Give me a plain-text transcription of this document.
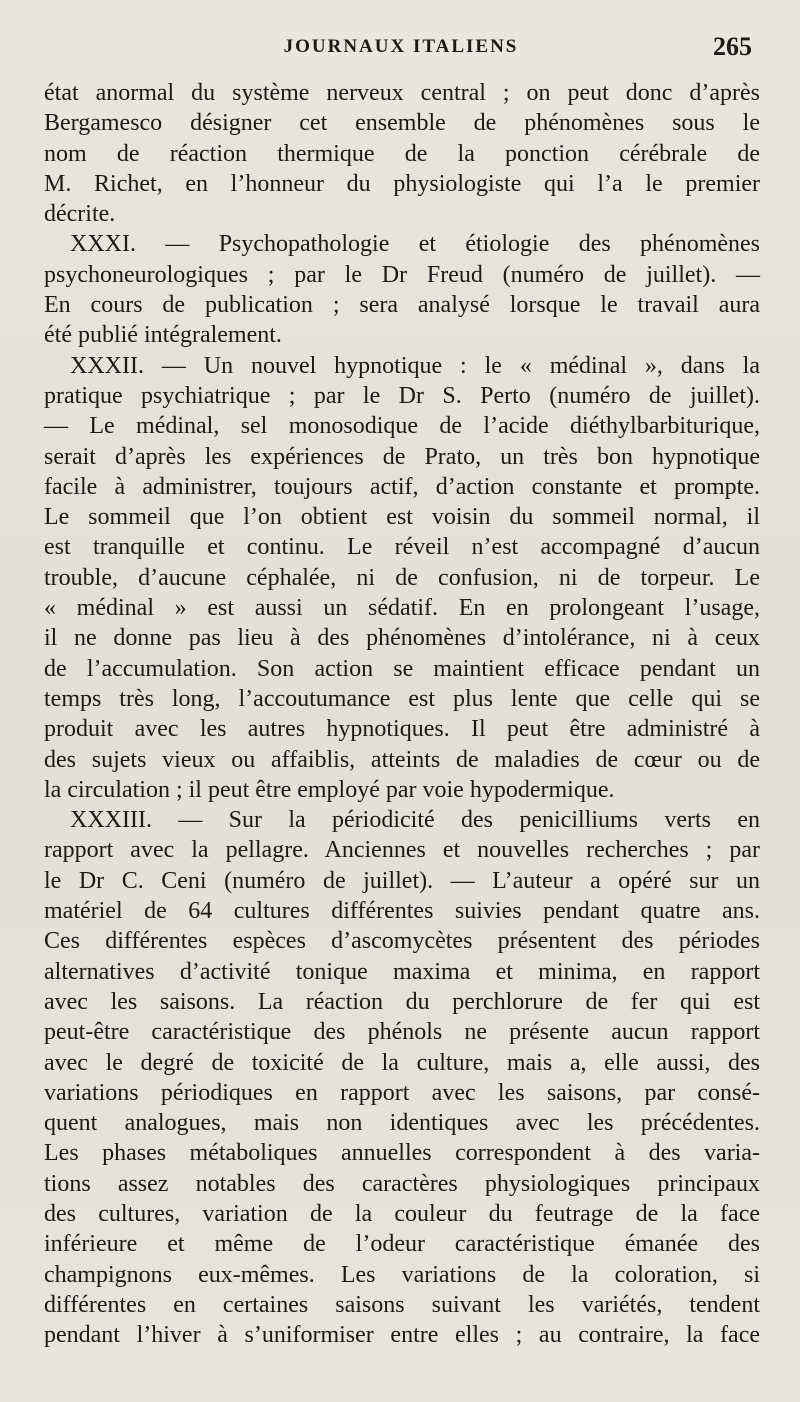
JOURNAUX ITALIENS	265
état anormal du système nerveux central ; on peut donc d’après
Bergamesco désigner cet ensemble de phénomènes sous le
nom de réaction thermique de la ponction cérébrale de
M. Richet, en l’honneur du physiologiste qui l’a le premier
décrite.
XXXI. — Psychopathologie et étiologie des phénomènes
psychoneurologiques ; par le Dr Freud (numéro de juillet). —
En cours de publication ; sera analysé lorsque le travail aura
été publié intégralement.
XXXII. — Un nouvel hypnotique : le « médinal », dans la
pratique psychiatrique ; par le Dr S. Perto (numéro de juillet).
— Le médinal, sel monosodique de l’acide diéthylbarbiturique,
serait d’après les expériences de Prato, un très bon hypnotique
facile à administrer, toujours actif, d’action constante et prompte.
Le sommeil que l’on obtient est voisin du sommeil normal, il
est tranquille et continu. Le réveil n’est accompagné d’aucun
trouble, d’aucune céphalée, ni de confusion, ni de torpeur. Le
« médinal » est aussi un sédatif. En en prolongeant l’usage,
il ne donne pas lieu à des phénomènes d’intolérance, ni à ceux
de l’accumulation. Son action se maintient efficace pendant un
temps très long, l’accoutumance est plus lente que celle qui se
produit avec les autres hypnotiques. Il peut être administré à
des sujets vieux ou affaiblis, atteints de maladies de cœur ou de
la circulation ; il peut être employé par voie hypodermique.
XXXIII. — Sur la périodicité des penicilliums verts en
rapport avec la pellagre. Anciennes et nouvelles recherches ; par
le Dr C. Ceni (numéro de juillet). — L’auteur a opéré sur un
matériel de 64 cultures différentes suivies pendant quatre ans.
Ces différentes espèces d’ascomycètes présentent des périodes
alternatives d’activité tonique maxima et minima, en rapport
avec les saisons. La réaction du perchlorure de fer qui est
peut-être caractéristique des phénols ne présente aucun rapport
avec le degré de toxicité de la culture, mais a, elle aussi, des
variations périodiques en rapport avec les saisons, par consé-
quent analogues, mais non identiques avec les précédentes.
Les phases métaboliques annuelles correspondent à des varia-
tions assez notables des caractères physiologiques principaux
des cultures, variation de la couleur du feutrage de la face
inférieure et même de l’odeur caractéristique émanée des
champignons eux-mêmes. Les variations de la coloration, si
différentes en certaines saisons suivant les variétés, tendent
pendant l’hiver à s’uniformiser entre elles ; au contraire, la face
